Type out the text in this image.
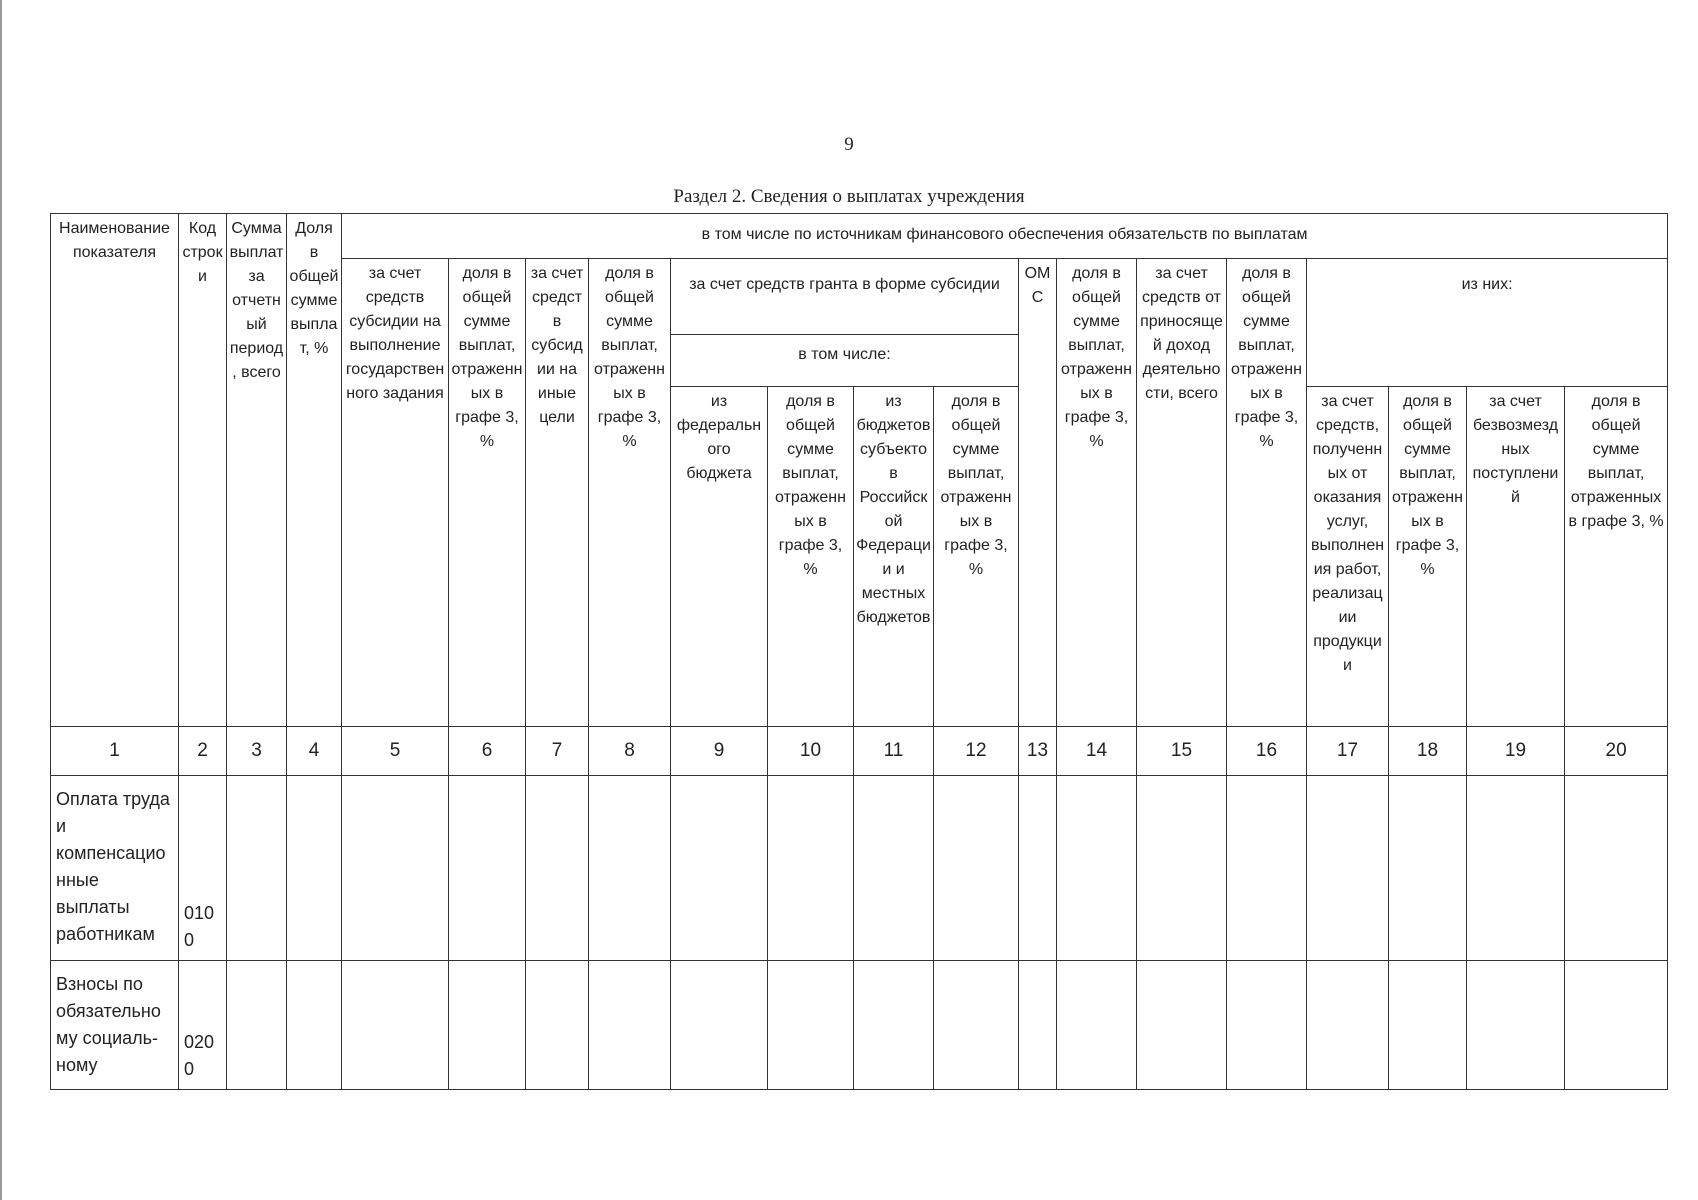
9
Раздел 2. Сведения о выплатах учреждения
Наименование показателя	Код строки	Сумма выплат за отчетный период, всего	Доля в общей сумме выплат, %	в том числе по источникам финансового обеспечения обязательств по выплатам															
				за счет средств субсидии на выполнение государственного задания	доля в общей сумме выплат, отраженных в графе 3, %	за счет средств субсидии на иные цели	доля в общей сумме выплат, отраженных в графе 3, %	за счет средств гранта в форме субсидии				ОМС	доля в общей сумме выплат, отраженных в графе 3, %	за счет средств от приносящей доход деятельности, всего	доля в общей сумме выплат, отраженных в графе 3, %	из них:			
								в том числе:											
								из федерального бюджета	доля в общей сумме выплат, отраженных в графе 3, %	из бюджетов субъектов Российской Федерации и местных бюджетов	доля в общей сумме выплат, отраженных в графе 3, %					за счет средств, полученных от оказания услуг, выполнения работ, реализации продукции	доля в общей сумме выплат, отраженных в графе 3, %	за счет безвозмездных поступлений	доля в общей сумме выплат, отраженных в графе 3, %
1	2	3	4	5	6	7	8	9	10	11	12	13	14	15	16	17	18	19	20
Оплата труда и компенсационные выплаты работникам	0100																		
Взносы по обязательному социаль-ному	0200																		
